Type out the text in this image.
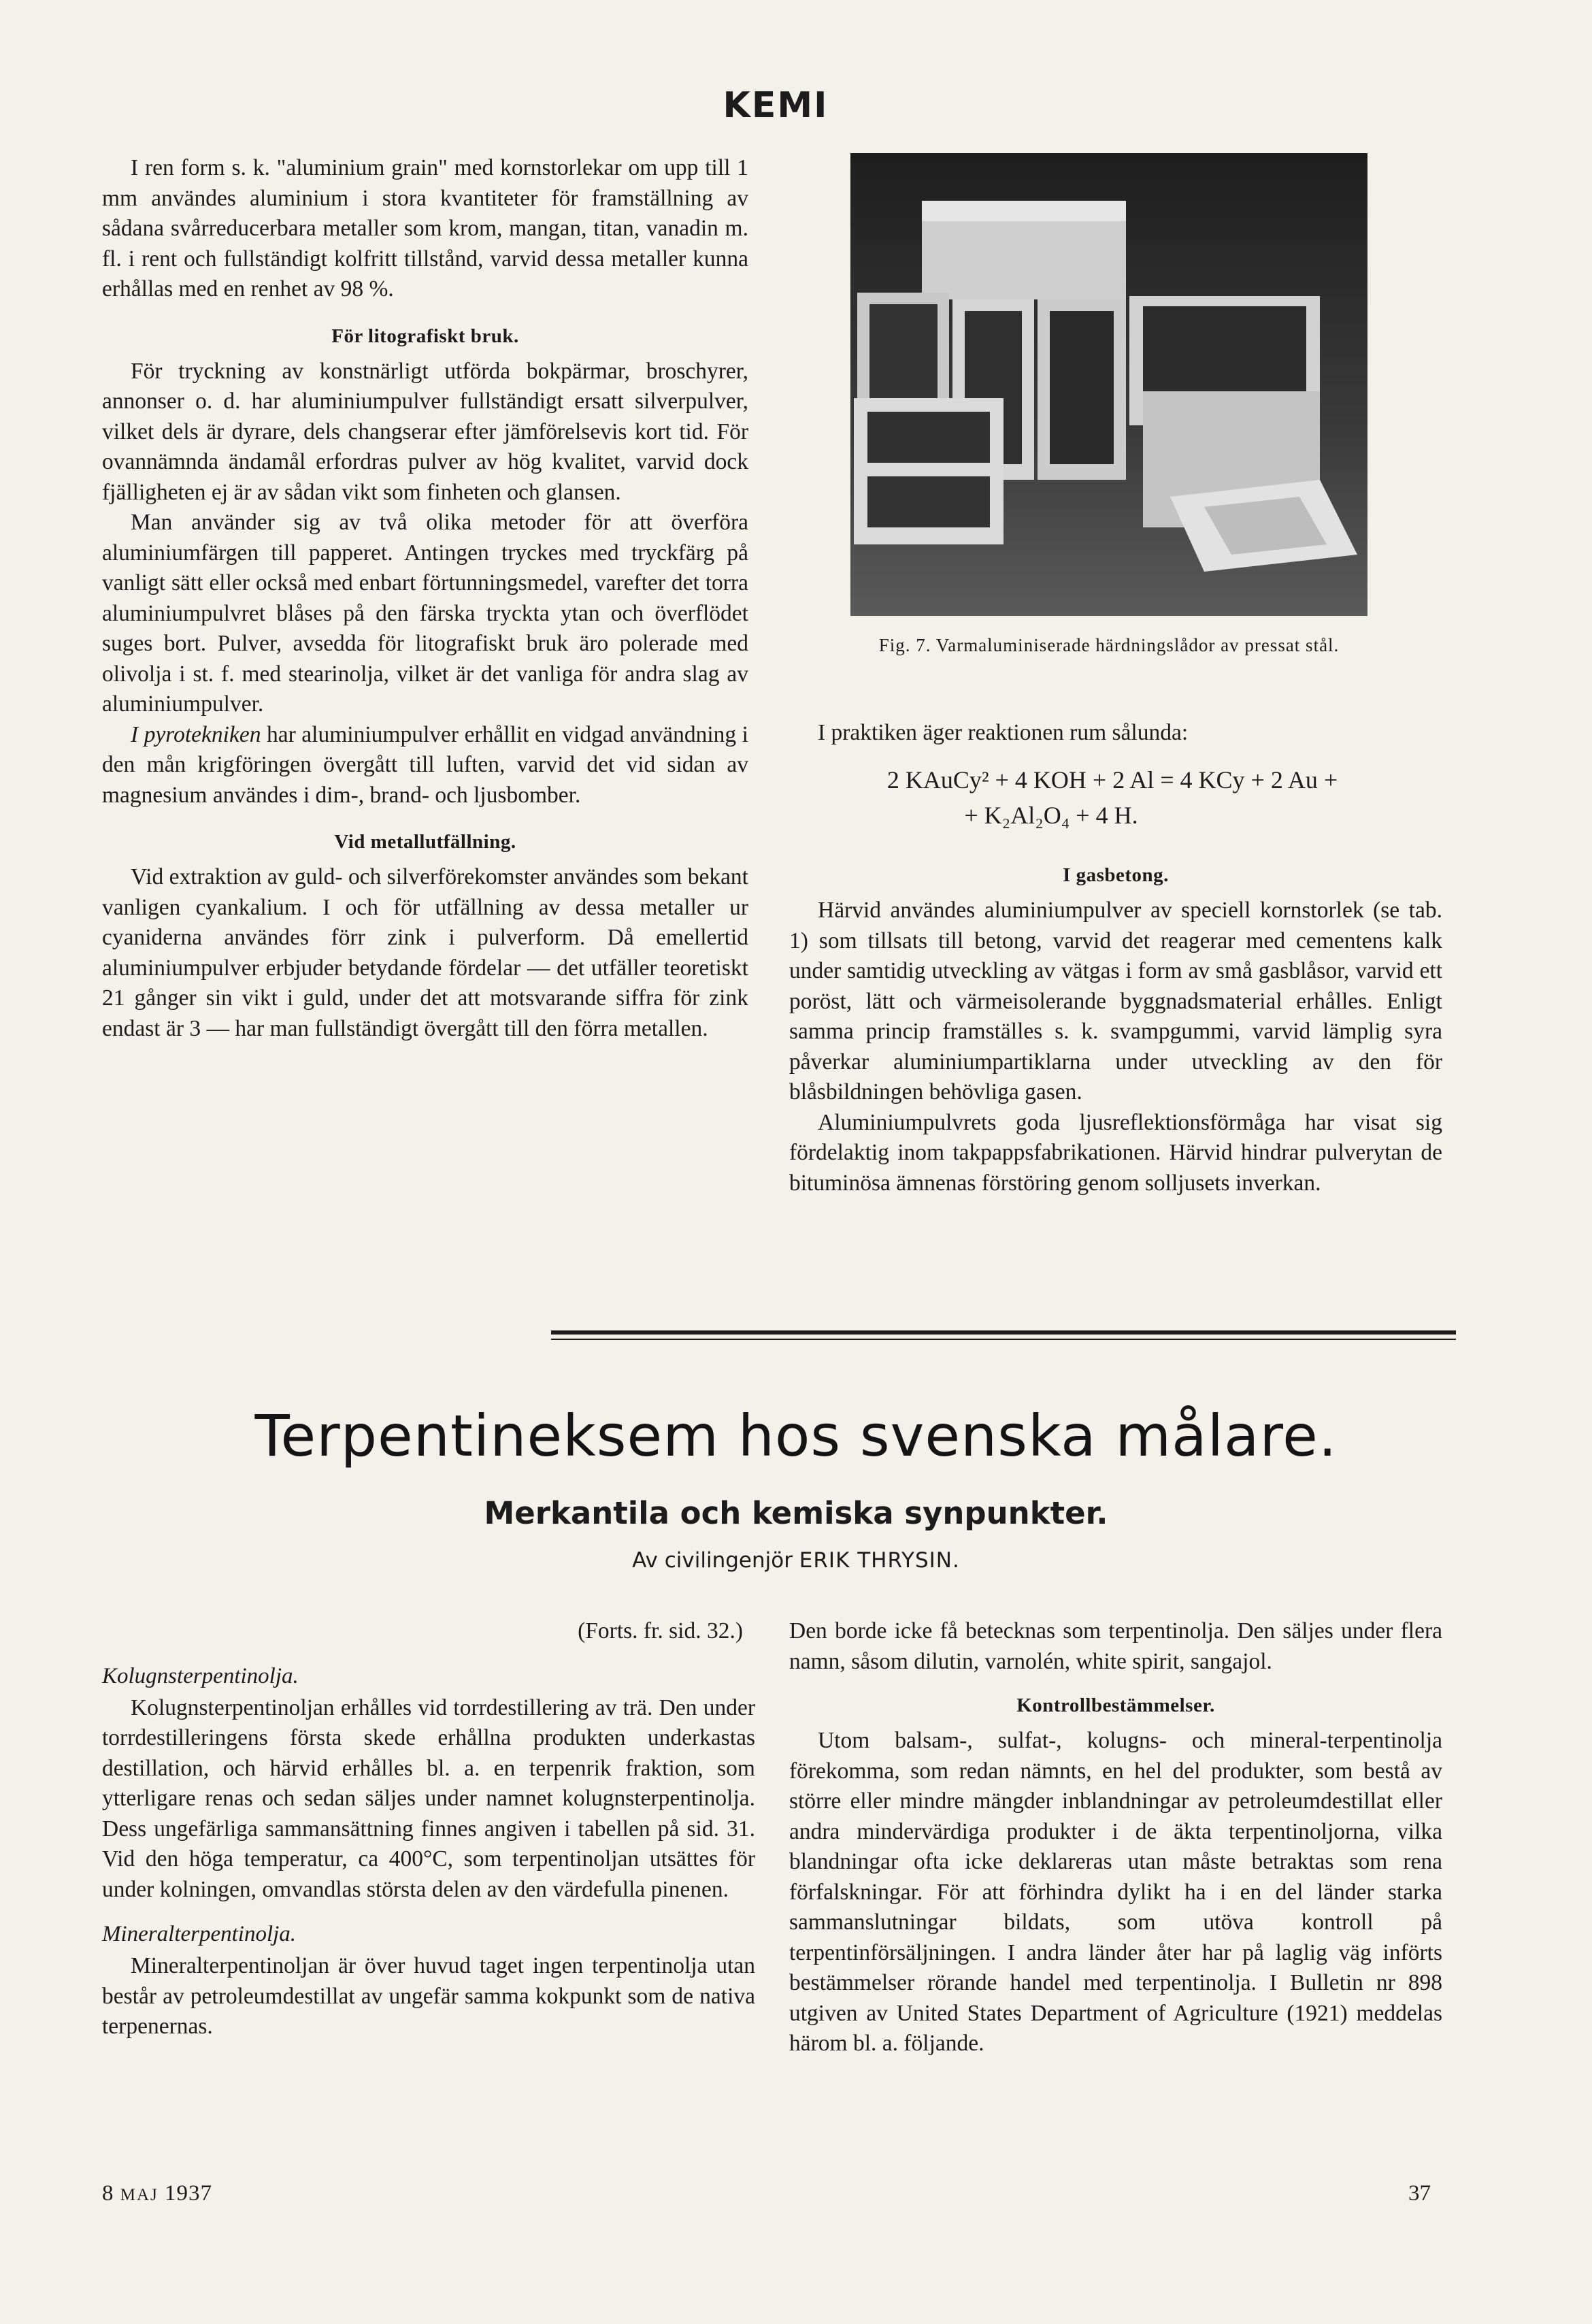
KEMI

I ren form s. k. "aluminium grain" med kornstorlekar om upp till 1 mm användes aluminium i stora kvantiteter för framställning av sådana svårreducerbara metaller som krom, mangan, titan, vanadin m. fl. i rent och fullständigt kolfritt tillstånd, varvid dessa metaller kunna erhållas med en renhet av 98 %.

För litografiskt bruk.

För tryckning av konstnärligt utförda bokpärmar, broschyrer, annonser o. d. har aluminiumpulver fullständigt ersatt silverpulver, vilket dels är dyrare, dels changserar efter jämförelsevis kort tid. För ovannämnda ändamål erfordras pulver av hög kvalitet, varvid dock fjälligheten ej är av sådan vikt som finheten och glansen.

Man använder sig av två olika metoder för att överföra aluminiumfärgen till papperet. Antingen tryckes med tryckfärg på vanligt sätt eller också med enbart förtunningsmedel, varefter det torra aluminiumpulvret blåses på den färska tryckta ytan och överflödet suges bort. Pulver, avsedda för litografiskt bruk äro polerade med olivolja i st. f. med stearinolja, vilket är det vanliga för andra slag av aluminiumpulver.

I pyrotekniken har aluminiumpulver erhållit en vidgad användning i den mån krigföringen övergått till luften, varvid det vid sidan av magnesium användes i dim-, brand- och ljusbomber.

Vid metallutfällning.

Vid extraktion av guld- och silverförekomster användes som bekant vanligen cyankalium. I och för utfällning av dessa metaller ur cyaniderna användes förr zink i pulverform. Då emellertid aluminiumpulver erbjuder betydande fördelar — det utfäller teoretiskt 21 gånger sin vikt i guld, under det att motsvarande siffra för zink endast är 3 — har man fullständigt övergått till den förra metallen.

Fig. 7. Varmaluminiserade härdningslådor av pressat stål.

I praktiken äger reaktionen rum sålunda:

2 KAuCy² + 4 KOH + 2 Al = 4 KCy + 2 Au +

+ K₂Al₂O₄ + 4 H.
I gasbetong.

Härvid användes aluminiumpulver av speciell kornstorlek (se tab. 1) som tillsats till betong, varvid det reagerar med cementens kalk under samtidig utveckling av vätgas i form av små gasblåsor, varvid ett poröst, lätt och värmeisolerande byggnadsmaterial erhålles. Enligt samma princip framställes s. k. svampgummi, varvid lämplig syra påverkar aluminiumpartiklarna under utveckling av den för blåsbildningen behövliga gasen.

Aluminiumpulvrets goda ljusreflektionsförmåga har visat sig fördelaktig inom takpappsfabrikationen. Härvid hindrar pulverytan de bituminösa ämnenas förstöring genom solljusets inverkan.

Terpentineksem hos svenska målare.
Merkantila och kemiska synpunkter.
Av civilingenjör ERIK THRYSIN.

(Forts. fr. sid. 32.)

Kolugnsterpentinolja.

Kolugnsterpentinoljan erhålles vid torrdestillering av trä. Den under torrdestilleringens första skede erhållna produkten underkastas destillation, och härvid erhålles bl. a. en terpenrik fraktion, som ytterligare renas och sedan säljes under namnet kolugnsterpentinolja. Dess ungefärliga sammansättning finnes angiven i tabellen på sid. 31. Vid den höga temperatur, ca 400°C, som terpentinoljan utsättes för under kolningen, omvandlas största delen av den värdefulla pinenen.

Mineralterpentinolja.

Mineralterpentinoljan är över huvud taget ingen terpentinolja utan består av petroleumdestillat av ungefär samma kokpunkt som de nativa terpenernas.

Den borde icke få betecknas som terpentinolja. Den säljes under flera namn, såsom dilutin, varnolén, white spirit, sangajol.

Kontrollbestämmelser.

Utom balsam-, sulfat-, kolugns- och mineral-terpentinolja förekomma, som redan nämnts, en hel del produkter, som bestå av större eller mindre mängder inblandningar av petroleumdestillat eller andra mindervärdiga produkter i de äkta terpentinoljorna, vilka blandningar ofta icke deklareras utan måste betraktas som rena förfalskningar. För att förhindra dylikt ha i en del länder starka sammanslutningar bildats, som utöva kontroll på terpentinförsäljningen. I andra länder åter har på laglig väg införts bestämmelser rörande handel med terpentinolja. I Bulletin nr 898 utgiven av United States Department of Agriculture (1921) meddelas härom bl. a. följande.

8 MAJ 1937	37
